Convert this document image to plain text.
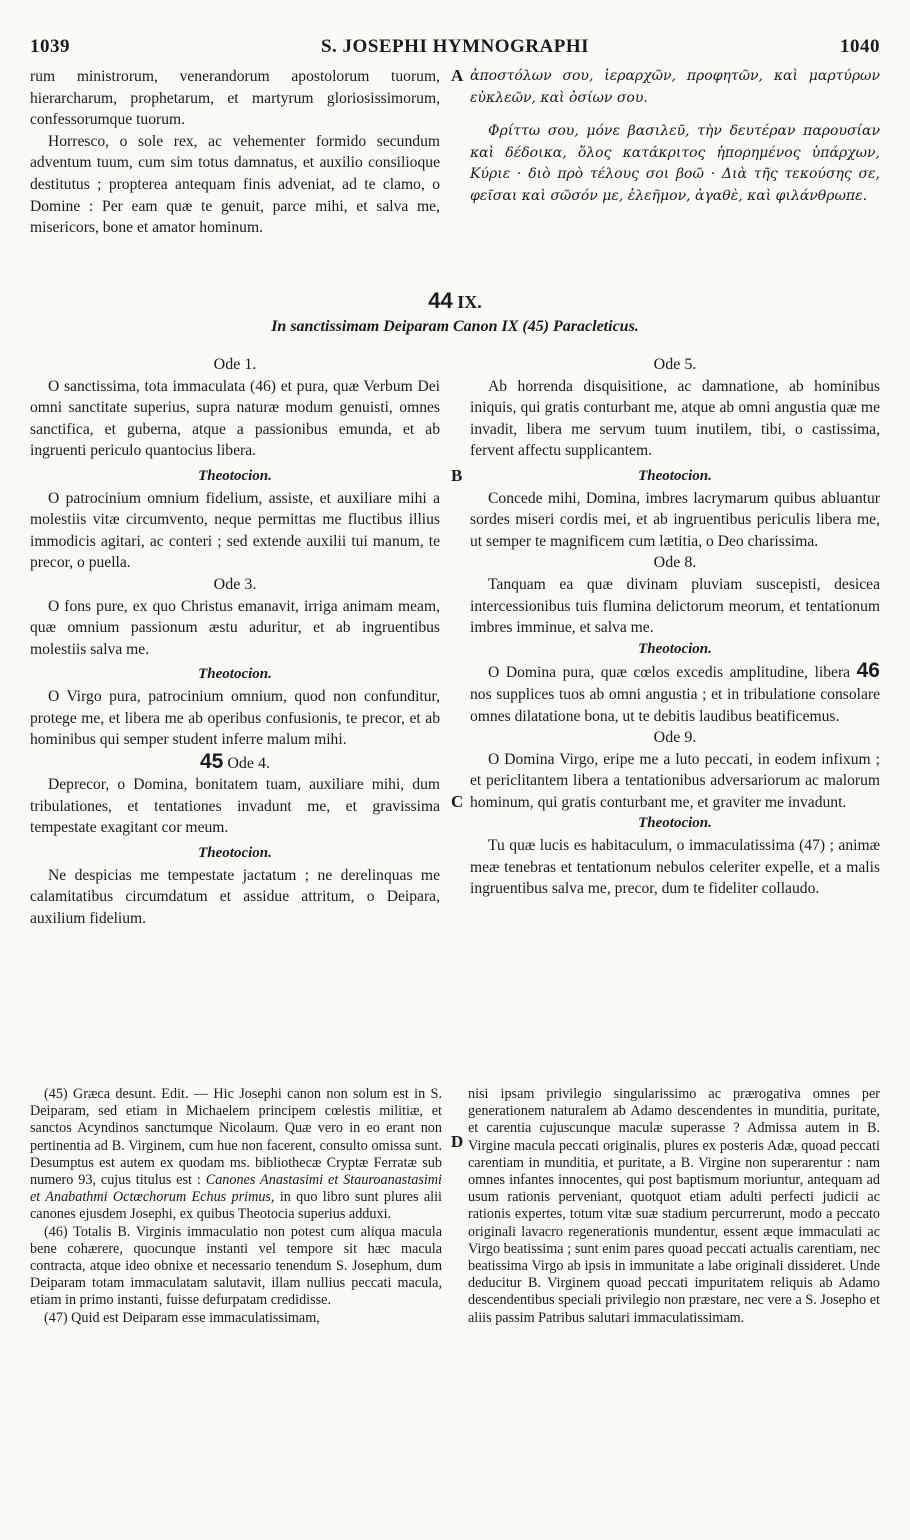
1039	S. JOSEPHI HYMNOGRAPHI	1040
A
B
C
D

rum ministrorum, venerandorum apostolorum tuorum, hierarcharum, prophetarum, et martyrum gloriosissimorum, confessorumque tuorum.

Horresco, o sole rex, ac vehementer formido secundum adventum tuum, cum sim totus damnatus, et auxilio consilioque destitutus ; propterea antequam finis adveniat, ad te clamo, o Domine : Per eam quæ te genuit, parce mihi, et salva me, misericors, bone et amator hominum.

ἀποστόλων σου, ἱεραρχῶν, προφητῶν, καὶ μαρτύρων εὐκλεῶν, καὶ ὁσίων σου.

Φρίττω σου, μόνε βασιλεῦ, τὴν δευτέραν παρουσίαν καὶ δέδοικα, ὅλος κατάκριτος ἠπορημένος ὑπάρχων, Κύριε · διὸ πρὸ τέλους σοι βοῶ · Διὰ τῆς τεκούσης σε, φεῖσαι καὶ σῶσόν με, ἐλεῆμον, ἀγαθὲ, καὶ φιλάνθρωπε.

44 IX.
In sanctissimam Deiparam Canon IX (45) Paracleticus.

Ode 1.

O sanctissima, tota immaculata (46) et pura, quæ Verbum Dei omni sanctitate superius, supra naturæ modum genuisti, omnes sanctifica, et guberna, atque a passionibus emunda, et ab ingruenti periculo quantocius libera.

Theotocion.

O patrocinium omnium fidelium, assiste, et auxiliare mihi a molestiis vitæ circumvento, neque permittas me fluctibus illius immodicis agitari, ac conteri ; sed extende auxilii tui manum, te precor, o puella.

Ode 3.

O fons pure, ex quo Christus emanavit, irriga animam meam, quæ omnium passionum æstu aduritur, et ab ingruentibus molestiis salva me.

Theotocion.

O Virgo pura, patrocinium omnium, quod non confunditur, protege me, et libera me ab operibus confusionis, te precor, et ab hominibus qui semper student inferre malum mihi.

45 Ode 4.

Deprecor, o Domina, bonitatem tuam, auxiliare mihi, dum tribulationes, et tentationes invadunt me, et gravissima tempestate exagitant cor meum.

Theotocion.

Ne despicias me tempestate jactatum ; ne derelinquas me calamitatibus circumdatum et assidue attritum, o Deipara, auxilium fidelium.

Ode 5.

Ab horrenda disquisitione, ac damnatione, ab hominibus iniquis, qui gratis conturbant me, atque ab omni angustia quæ me invadit, libera me servum tuum inutilem, tibi, o castissima, fervent affectu supplicantem.

Theotocion.

Concede mihi, Domina, imbres lacrymarum quibus abluantur sordes miseri cordis mei, et ab ingruentibus periculis libera me, ut semper te magnificem cum lætitia, o Deo charissima.

Ode 8.

Tanquam ea quæ divinam pluviam suscepisti, desicea intercessionibus tuis flumina delictorum meorum, et tentationum imbres imminue, et salva me.

Theotocion.

O Domina pura, quæ cœlos excedis amplitudine, libera 46 nos supplices tuos ab omni angustia ; et in tribulatione consolare omnes dilatatione bona, ut te debitis laudibus beatificemus.

Ode 9.

O Domina Virgo, eripe me a luto peccati, in eodem infixum ; et periclitantem libera a tentationibus adversariorum ac malorum hominum, qui gratis conturbant me, et graviter me invadunt.

Theotocion.

Tu quæ lucis es habitaculum, o immaculatissima (47) ; animæ meæ tenebras et tentationum nebulos celeriter expelle, et a malis ingruentibus salva me, precor, dum te fideliter collaudo.

(45) Græca desunt. Edit. — Hic Josephi canon non solum est in S. Deiparam, sed etiam in Michaelem principem cœlestis militiæ, et sanctos Acyndinos sanctumque Nicolaum. Quæ vero in eo erant non pertinentia ad B. Virginem, cum hue non facerent, consulto omissa sunt. Desumptus est autem ex quodam ms. bibliothecæ Cryptæ Ferratæ sub numero 93, cujus titulus est : Canones Anastasimi et Stauroanastasimi et Anabathmi Octœchorum Echus primus, in quo libro sunt plures alii canones ejusdem Josephi, ex quibus Theotocia superius adduxi.

(46) Totalis B. Virginis immaculatio non potest cum aliqua macula bene cohærere, quocunque instanti vel tempore sit hæc macula contracta, atque ideo obnixe et necessario tenendum S. Josephum, dum Deiparam totam immaculatam salutavit, illam nullius peccati macula, etiam in primo instanti, fuisse defurpatam credidisse.

(47) Quid est Deiparam esse immaculatissimam,

nisi ipsam privilegio singularissimo ac prærogativa omnes per generationem naturalem ab Adamo descendentes in munditia, puritate, et carentia cujuscunque maculæ superasse ? Admissa autem in B. Virgine macula peccati originalis, plures ex posteris Adæ, quoad peccati carentiam in munditia, et puritate, a B. Virgine non superarentur : nam omnes infantes innocentes, qui post baptismum moriuntur, antequam ad usum rationis perveniant, quotquot etiam adulti perfecti judicii ac rationis expertes, totum vitæ suæ stadium percurrerunt, modo a peccato originali lavacro regenerationis mundentur, essent æque immaculati ac Virgo beatissima ; sunt enim pares quoad peccati actualis carentiam, nec beatissima Virgo ab ipsis in immunitate a labe originali dissideret. Unde deducitur B. Virginem quoad peccati impuritatem reliquis ab Adamo descendentibus speciali privilegio non præstare, nec vere a S. Josepho et aliis passim Patribus salutari immaculatissimam.
